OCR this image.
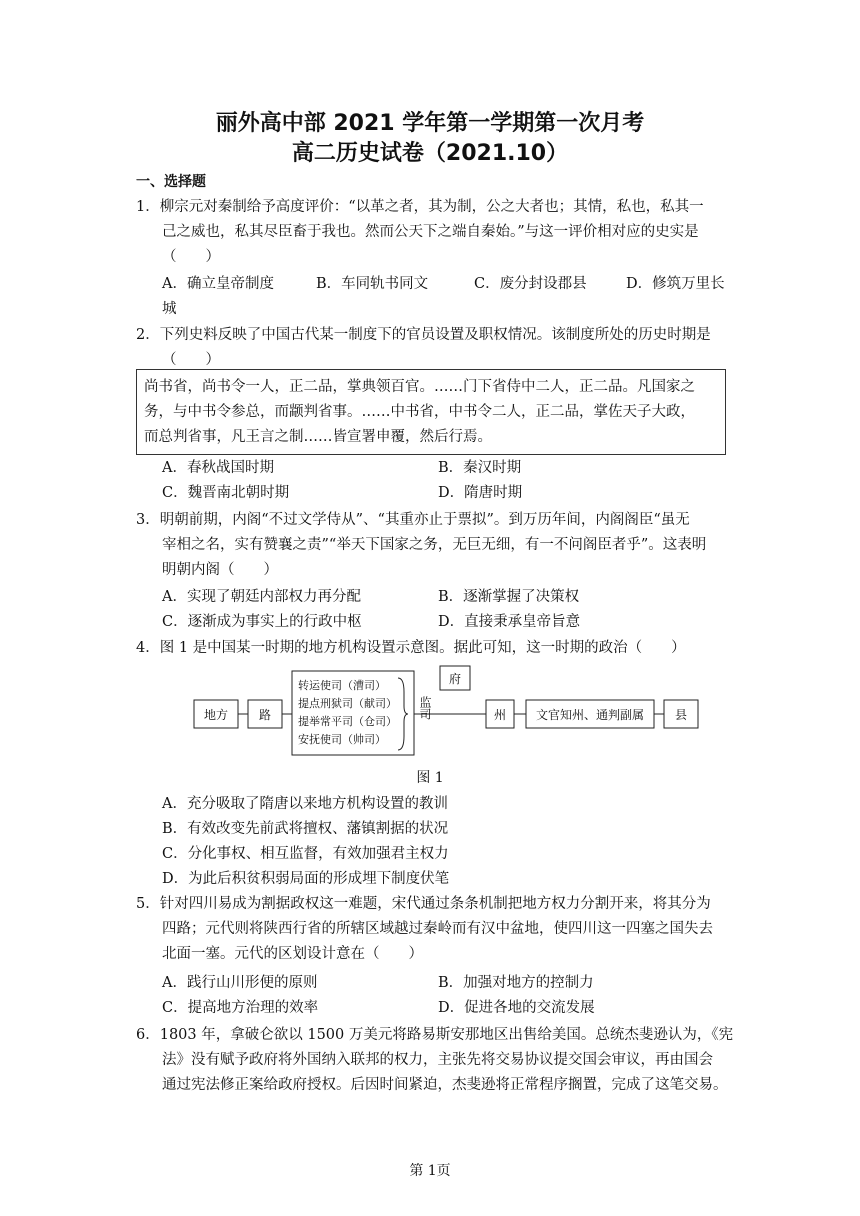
丽外高中部 2021 学年第一学期第一次月考
高二历史试卷（2021.10）
一、选择题
1．柳宗元对秦制给予高度评价：“以革之者，其为制，公之大者也；其情，私也，私其一
己之威也，私其尽臣畜于我也。然而公天下之端自秦始。”与这一评价相对应的史实是
（　　）
A．确立皇帝制度	B．车同轨书同文	C．废分封设郡县	D．修筑万里长
城
2．下列史料反映了中国古代某一制度下的官员设置及职权情况。该制度所处的历史时期是
（　　）
尚书省，尚书令一人，正二品，掌典领百官。……门下省侍中二人，正二品。凡国家之
务，与中书令参总，而颛判省事。……中书省，中书令二人，正二品，掌佐天子大政，
而总判省事，凡王言之制……皆宣署申覆，然后行焉。
A．春秋战国时期	B．秦汉时期
C．魏晋南北朝时期	D．隋唐时期
3．明朝前期，内阁“不过文学侍从”、“其重亦止于票拟”。到万历年间，内阁阁臣“虽无
宰相之名，实有赞襄之责”“举天下国家之务，无巨无细，有一不问阁臣者乎”。这表明
明朝内阁（　　）
A．实现了朝廷内部权力再分配	B．逐渐掌握了决策权
C．逐渐成为事实上的行政中枢	D．直接秉承皇帝旨意
4．图 1 是中国某一时期的地方机构设置示意图。据此可知，这一时期的政治（　　）
地方	路
转运使司（漕司）
提点刑狱司（献司）
提举常平司（仓司）
安抚使司（帅司）
监司
府
州 文官知州、通判副属	县
图 1
A．充分吸取了隋唐以来地方机构设置的教训
B．有效改变先前武将擅权、藩镇割据的状况
C．分化事权、相互监督，有效加强君主权力
D．为此后积贫积弱局面的形成埋下制度伏笔
5．针对四川易成为割据政权这一难题，宋代通过条条机制把地方权力分割开来，将其分为
四路；元代则将陕西行省的所辖区域越过秦岭而有汉中盆地，使四川这一四塞之国失去
北面一塞。元代的区划设计意在（　　）
A．践行山川形便的原则	B．加强对地方的控制力
C．提高地方治理的效率	D．促进各地的交流发展
6．1803 年，拿破仑欲以 1500 万美元将路易斯安那地区出售给美国。总统杰斐逊认为，《宪
法》没有赋予政府将外国纳入联邦的权力，主张先将交易协议提交国会审议，再由国会
通过宪法修正案给政府授权。后因时间紧迫，杰斐逊将正常程序搁置，完成了这笔交易。
第 1页
